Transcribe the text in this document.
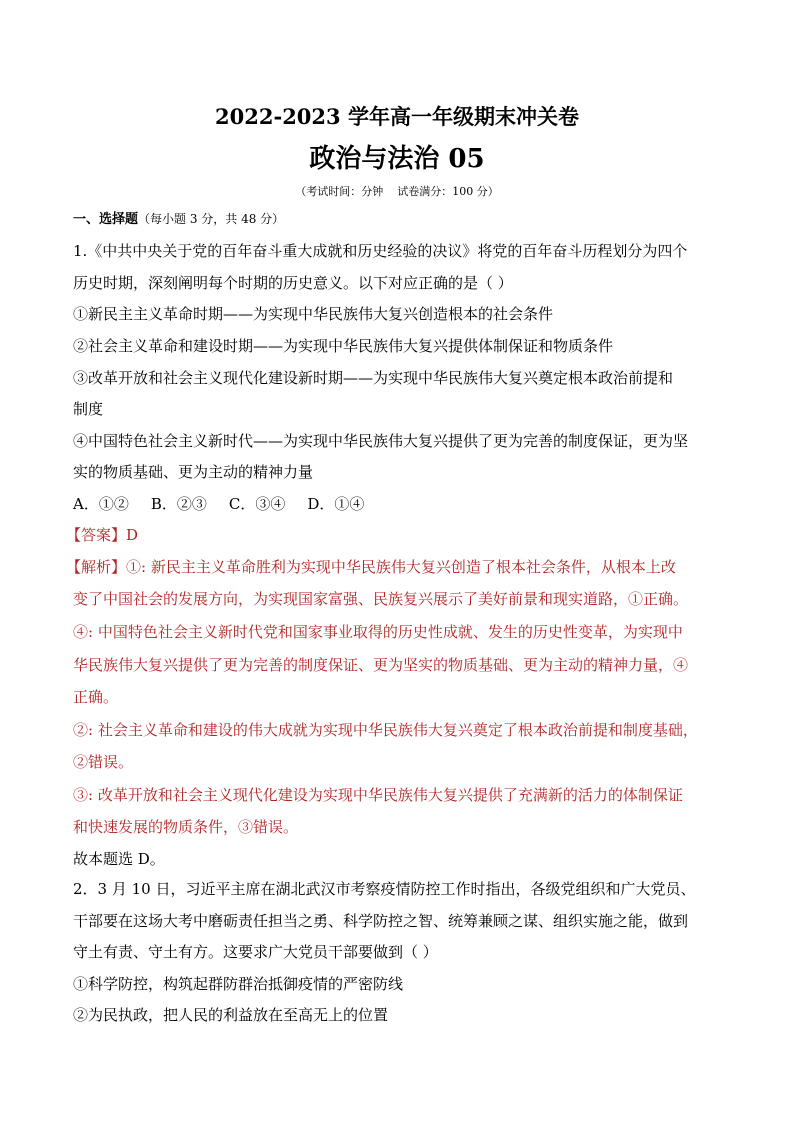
2022-2023 学年高一年级期末冲关卷
政治与法治 05
（考试时间：分钟 试卷满分：100 分）
一、选择题（每小题 3 分，共 48 分）
1.《中共中央关于党的百年奋斗重大成就和历史经验的决议》将党的百年奋斗历程划分为四个
历史时期，深刻阐明每个时期的历史意义。以下对应正确的是（ ）
①新民主主义革命时期——为实现中华民族伟大复兴创造根本的社会条件
②社会主义革命和建设时期——为实现中华民族伟大复兴提供体制保证和物质条件
③改革开放和社会主义现代化建设新时期——为实现中华民族伟大复兴奠定根本政治前提和
制度
④中国特色社会主义新时代——为实现中华民族伟大复兴提供了更为完善的制度保证，更为坚
实的物质基础、更为主动的精神力量
A．①② B．②③ C．③④ D．①④
【答案】D
【解析】①: 新民主主义革命胜利为实现中华民族伟大复兴创造了根本社会条件，从根本上改
变了中国社会的发展方向，为实现国家富强、民族复兴展示了美好前景和现实道路，①正确。
④: 中国特色社会主义新时代党和国家事业取得的历史性成就、发生的历史性变革，为实现中
华民族伟大复兴提供了更为完善的制度保证、更为坚实的物质基础、更为主动的精神力量，④
正确。
②: 社会主义革命和建设的伟大成就为实现中华民族伟大复兴奠定了根本政治前提和制度基础，
②错误。
③: 改革开放和社会主义现代化建设为实现中华民族伟大复兴提供了充满新的活力的体制保证
和快速发展的物质条件，③错误。
故本题选 D。
2．3 月 10 日，习近平主席在湖北武汉市考察疫情防控工作时指出，各级党组织和广大党员、
干部要在这场大考中磨砺责任担当之勇、科学防控之智、统筹兼顾之谋、组织实施之能，做到
守土有责、守土有方。这要求广大党员干部要做到（ ）
①科学防控，构筑起群防群治抵御疫情的严密防线
②为民执政，把人民的利益放在至高无上的位置
